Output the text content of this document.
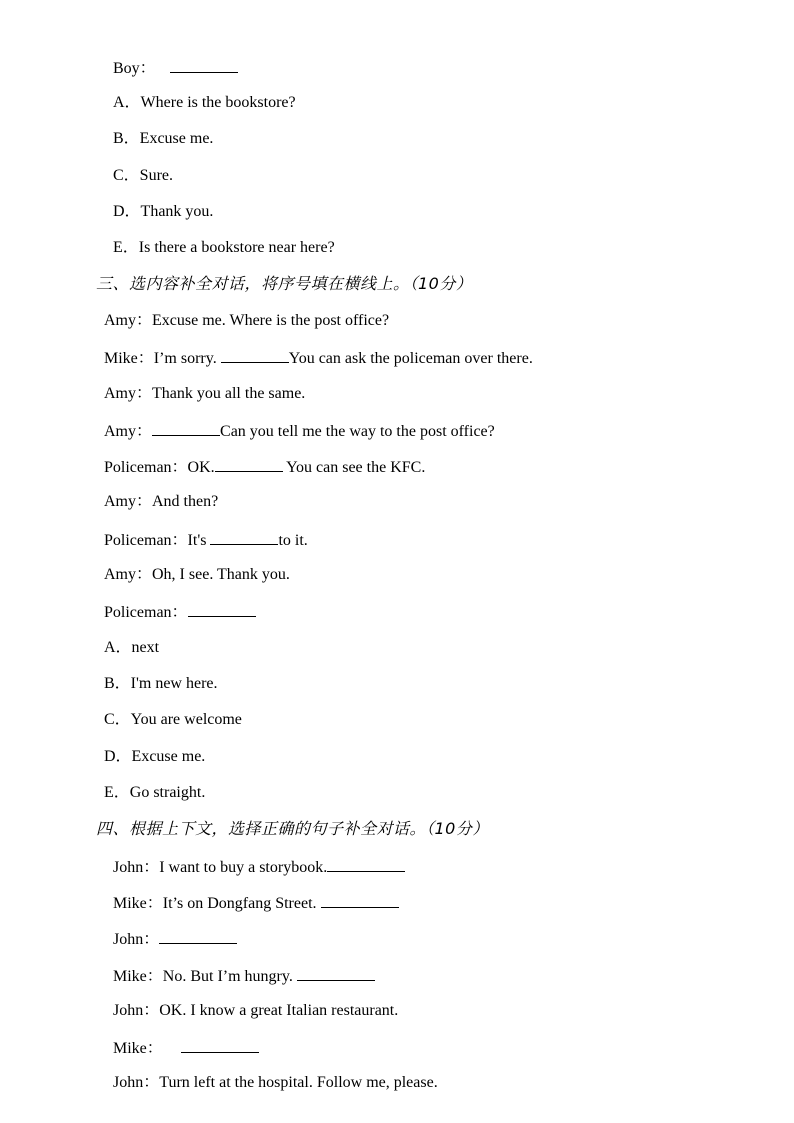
Boy：
A．Where is the bookstore?
B．Excuse me.
C．Sure.
D．Thank you.
E．Is there a bookstore near here?
三、选内容补全对话，将序号填在横线上。（10分）
Amy：Excuse me. Where is the post office?
Mike：I’m sorry.	You can ask the policeman over there.
Amy：Thank you all the same.
Amy：	Can you tell me the way to the post office?
Policeman：OK.	You can see the KFC.
Amy：And then?
Policeman：It's	to it.
Amy：Oh, I see. Thank you.
Policeman：
A．next
B．I'm new here.
C．You are welcome
D．Excuse me.
E．Go straight.
四、根据上下文，选择正确的句子补全对话。（10分）
John：I want to buy a storybook.
Mike：It’s on Dongfang Street.
John：
Mike：No. But I’m hungry.
John：OK. I know a great Italian restaurant.
Mike：
John：Turn left at the hospital. Follow me, please.
